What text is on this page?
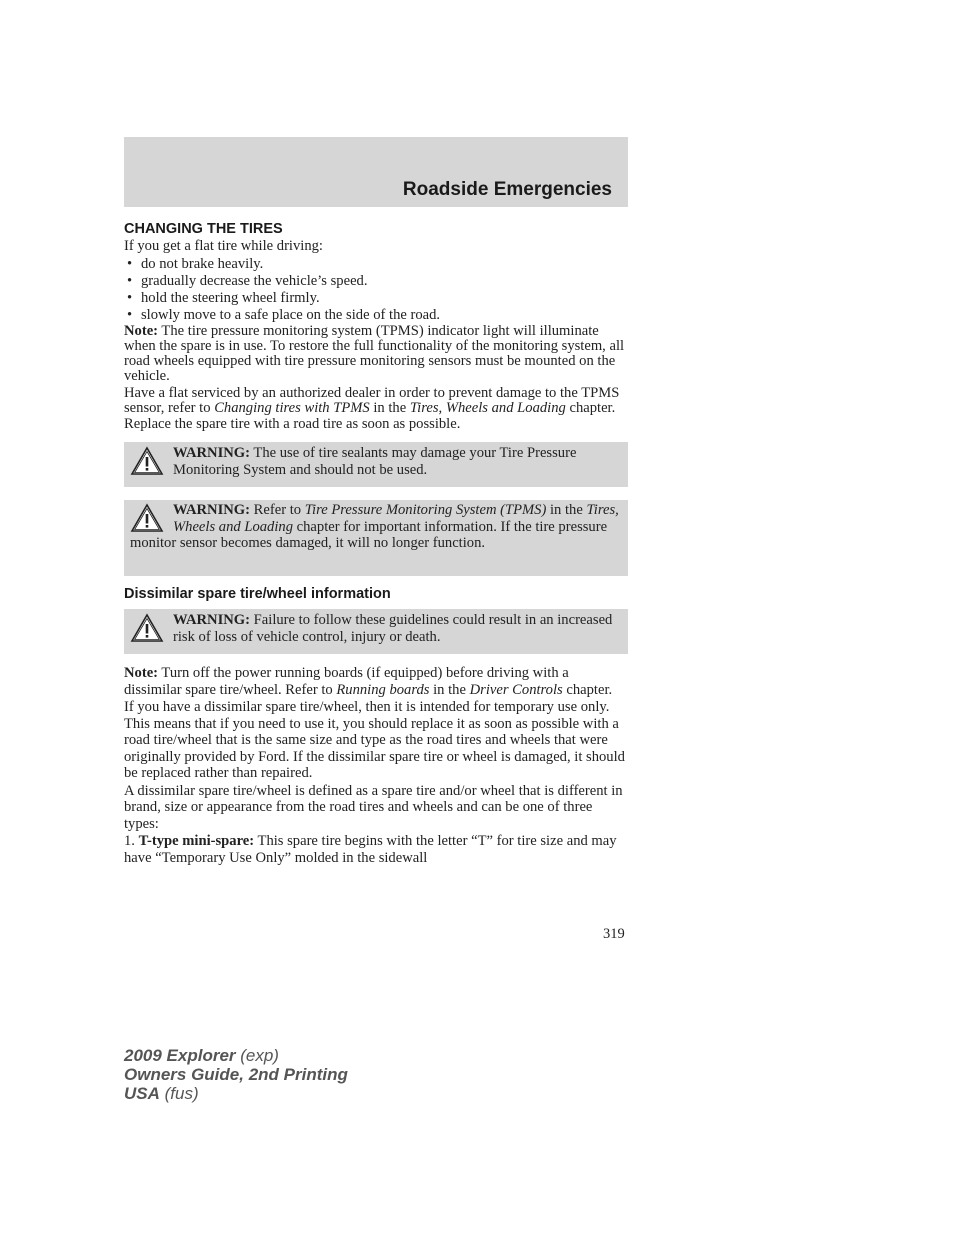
Roadside Emergencies
CHANGING THE TIRES

If you get a flat tire while driving:

• do not brake heavily.
• gradually decrease the vehicle’s speed.
• hold the steering wheel firmly.
• slowly move to a safe place on the side of the road.

Note: The tire pressure monitoring system (TPMS) indicator light will illuminate when the spare is in use. To restore the full functionality of the monitoring system, all road wheels equipped with tire pressure monitoring sensors must be mounted on the vehicle.

Have a flat serviced by an authorized dealer in order to prevent damage to the TPMS sensor, refer to Changing tires with TPMS in the Tires, Wheels and Loading chapter. Replace the spare tire with a road tire as soon as possible.

WARNING: The use of tire sealants may damage your Tire Pressure Monitoring System and should not be used.

WARNING: Refer to Tire Pressure Monitoring System (TPMS) in the Tires, Wheels and Loading chapter for important information. If the tire pressure monitor sensor becomes damaged, it will no longer function.

Dissimilar spare tire/wheel information

WARNING: Failure to follow these guidelines could result in an increased risk of loss of vehicle control, injury or death.

Note: Turn off the power running boards (if equipped) before driving with a dissimilar spare tire/wheel. Refer to Running boards in the Driver Controls chapter.

If you have a dissimilar spare tire/wheel, then it is intended for temporary use only. This means that if you need to use it, you should replace it as soon as possible with a road tire/wheel that is the same size and type as the road tires and wheels that were originally provided by Ford. If the dissimilar spare tire or wheel is damaged, it should be replaced rather than repaired.

A dissimilar spare tire/wheel is defined as a spare tire and/or wheel that is different in brand, size or appearance from the road tires and wheels and can be one of three types:

1. T-type mini-spare: This spare tire begins with the letter “T” for tire size and may have “Temporary Use Only” molded in the sidewall

319
2009 Explorer (exp)
Owners Guide, 2nd Printing
USA (fus)
